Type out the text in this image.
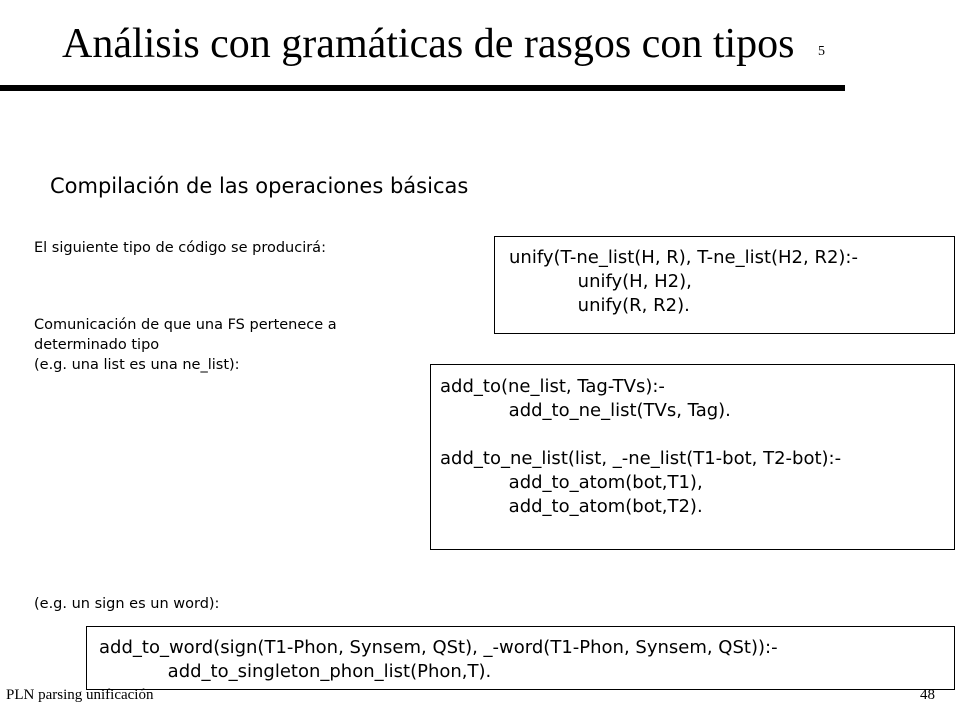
Análisis con gramáticas de rasgos con tipos 5
Compilación de las operaciones básicas
El siguiente tipo de código se producirá:
Comunicación de que una FS pertenece a
determinado tipo
(e.g. una list es una ne_list):
(e.g. un sign es un word):
unify(T-ne_list(H, R), T-ne_list(H2, R2):-
unify(H, H2),
unify(R, R2).
add_to(ne_list, Tag-TVs):-
add_to_ne_list(TVs, Tag).
add_to_ne_list(list, _-ne_list(T1-bot, T2-bot):-
add_to_atom(bot,T1),
add_to_atom(bot,T2).
add_to_word(sign(T1-Phon, Synsem, QSt), _-word(T1-Phon, Synsem, QSt)):-
add_to_singleton_phon_list(Phon,T).
PLN parsing unificación	48
